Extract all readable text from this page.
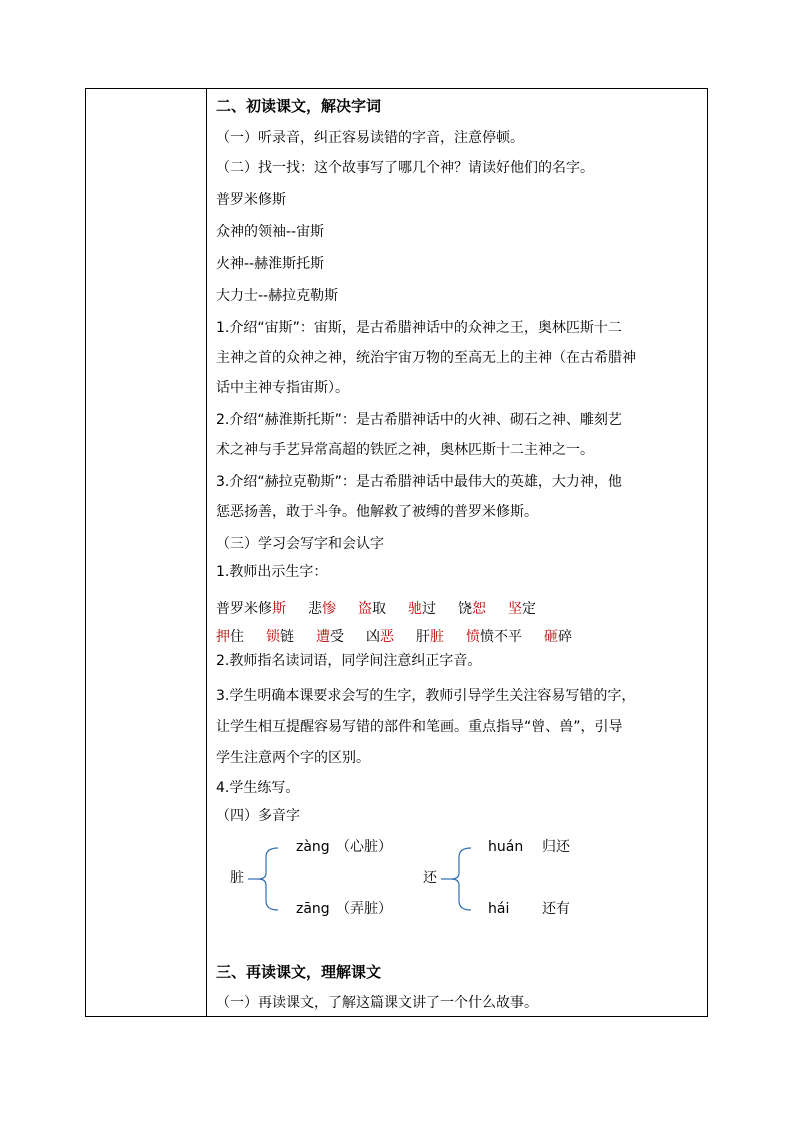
二、初读课文，解决字词
（一）听录音，纠正容易读错的字音，注意停顿。
（二）找一找：这个故事写了哪几个神？请读好他们的名字。
普罗米修斯
众神的领袖--宙斯
火神--赫淮斯托斯
大力士--赫拉克勒斯
1.介绍“宙斯”：宙斯，是古希腊神话中的众神之王，奥林匹斯十二
主神之首的众神之神，统治宇宙万物的至高无上的主神（在古希腊神
话中主神专指宙斯）。
2.介绍“赫淮斯托斯”：是古希腊神话中的火神、砌石之神、雕刻艺
术之神与手艺异常高超的铁匠之神，奥林匹斯十二主神之一。
3.介绍“赫拉克勒斯”：是古希腊神话中最伟大的英雄，大力神，他
惩恶扬善，敢于斗争。他解救了被缚的普罗米修斯。
（三）学习会写字和会认字
1.教师出示生字：
普罗米修斯 悲惨 盗取 驰过 饶恕 坚定
押住 锁链 遭受 凶恶 肝脏 愤愤不平 砸碎
2.教师指名读词语，同学间注意纠正字音。
3.学生明确本课要求会写的生字，教师引导学生关注容易写错的字，
让学生相互提醒容易写错的部件和笔画。重点指导“曾、兽”，引导
学生注意两个字的区别。
4.学生练写。
（四）多音字
脏
zàng （心脏）
zāng （弄脏）
还
huán 归还
hái 还有
三、再读课文，理解课文
（一）再读课文，了解这篇课文讲了一个什么故事。
